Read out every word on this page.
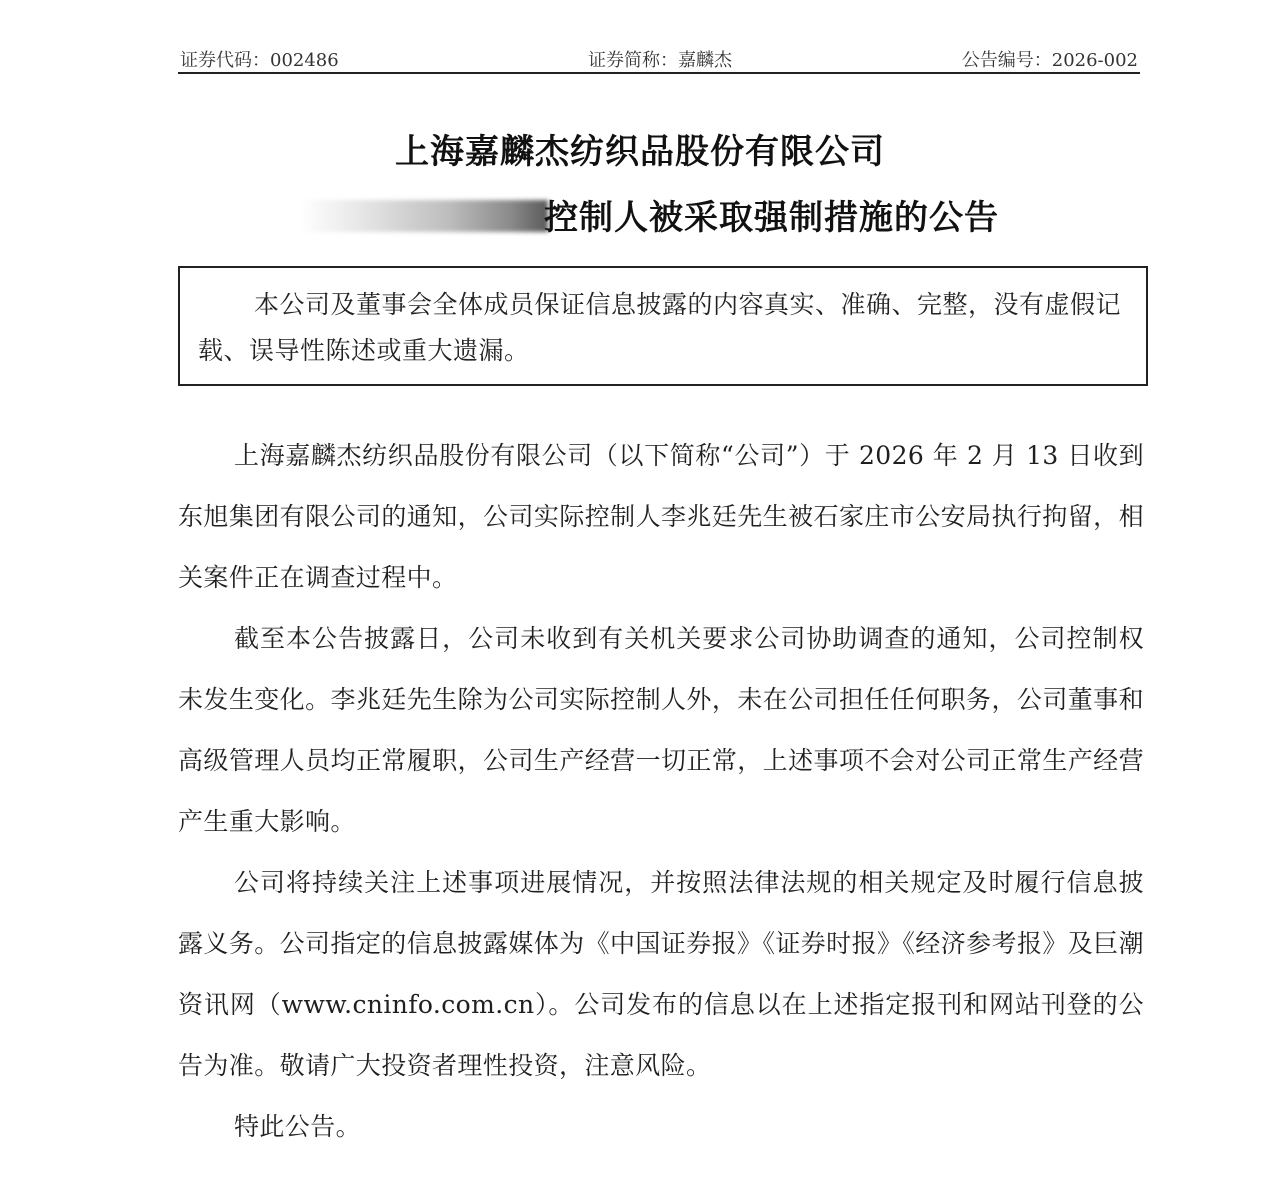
证券代码：002486	证券简称：嘉麟杰	公告编号：2026-002
上海嘉麟杰纺织品股份有限公司
控制人被采取强制措施的公告
本公司及董事会全体成员保证信息披露的内容真实、准确、完整，没有虚假记载、误导性陈述或重大遗漏。

上海嘉麟杰纺织品股份有限公司（以下简称“公司”）于 2026 年 2 月 13 日收到东旭集团有限公司的通知，公司实际控制人李兆廷先生被石家庄市公安局执行拘留，相关案件正在调查过程中。

截至本公告披露日，公司未收到有关机关要求公司协助调查的通知，公司控制权未发生变化。李兆廷先生除为公司实际控制人外，未在公司担任任何职务，公司董事和高级管理人员均正常履职，公司生产经营一切正常，上述事项不会对公司正常生产经营产生重大影响。

公司将持续关注上述事项进展情况，并按照法律法规的相关规定及时履行信息披露义务。公司指定的信息披露媒体为《中国证券报》《证券时报》《经济参考报》及巨潮资讯网（www.cninfo.com.cn）。公司发布的信息以在上述指定报刊和网站刊登的公告为准。敬请广大投资者理性投资，注意风险。

特此公告。
